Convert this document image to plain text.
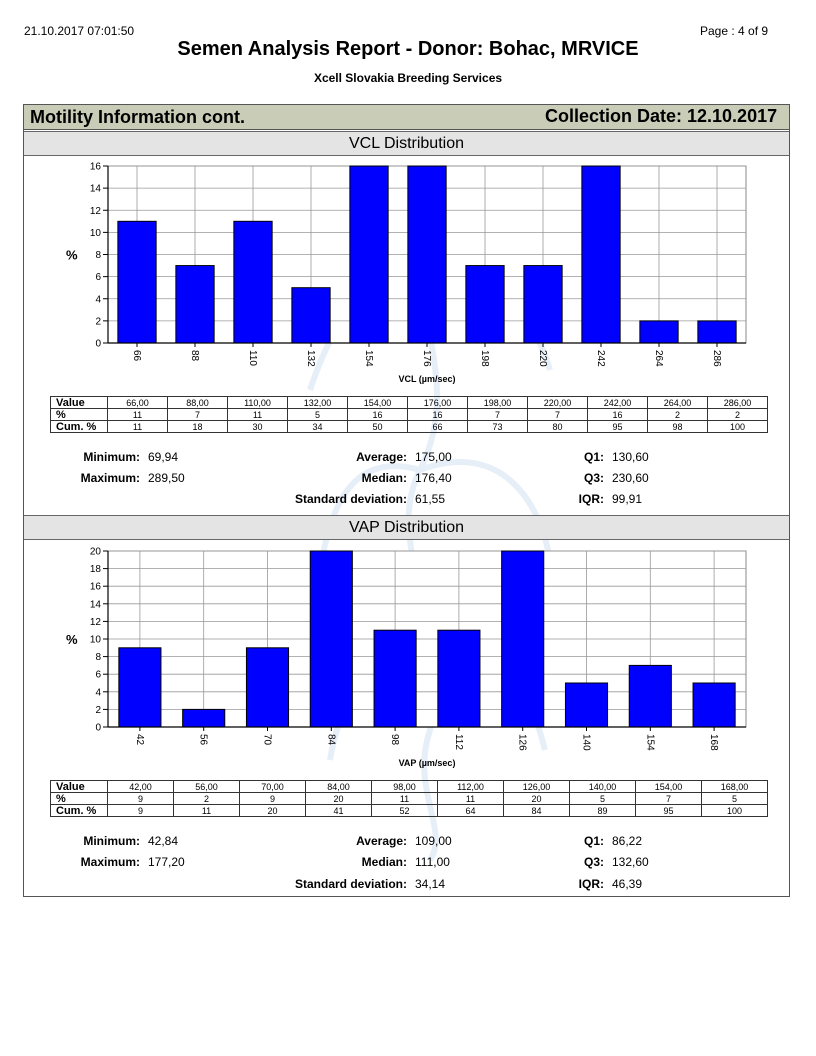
21.10.2017 07:01:50	Page : 4 of 9
Semen Analysis Report - Donor: Bohac, MRVICE
Xcell Slovakia Breeding Services
Motility Information cont.	Collection Date: 12.10.2017
VCL Distribution
0
2
4
6
8
10
12
14
16
66	88	110	132	154	176	198	220	242	264	286
%
VCL (µm/sec)
Value	66,00	88,00	110,00	132,00	154,00	176,00	198,00	220,00	242,00	264,00	286,00
%	11	7	11	5	16	16	7	7	16	2	2
Cum. %	11	18	30	34	50	66	73	80	95	98	100
Minimum: 69,94
Maximum: 289,50
Average: 175,00
Median: 176,40
Standard deviation: 61,55
Q1: 130,60
Q3: 230,60
IQR: 99,91
VAP Distribution
0
2
4
6
8
10
12
14
16
18
20
42	56	70	84	98	112	126	140	154	168
%
VAP (µm/sec)
Value	42,00	56,00	70,00	84,00	98,00	112,00	126,00	140,00	154,00	168,00
%	9	2	9	20	11	11	20	5	7	5
Cum. %	9	11	20	41	52	64	84	89	95	100
Minimum: 42,84
Maximum: 177,20
Average: 109,00
Median: 111,00
Standard deviation: 34,14
Q1: 86,22
Q3: 132,60
IQR: 46,39
